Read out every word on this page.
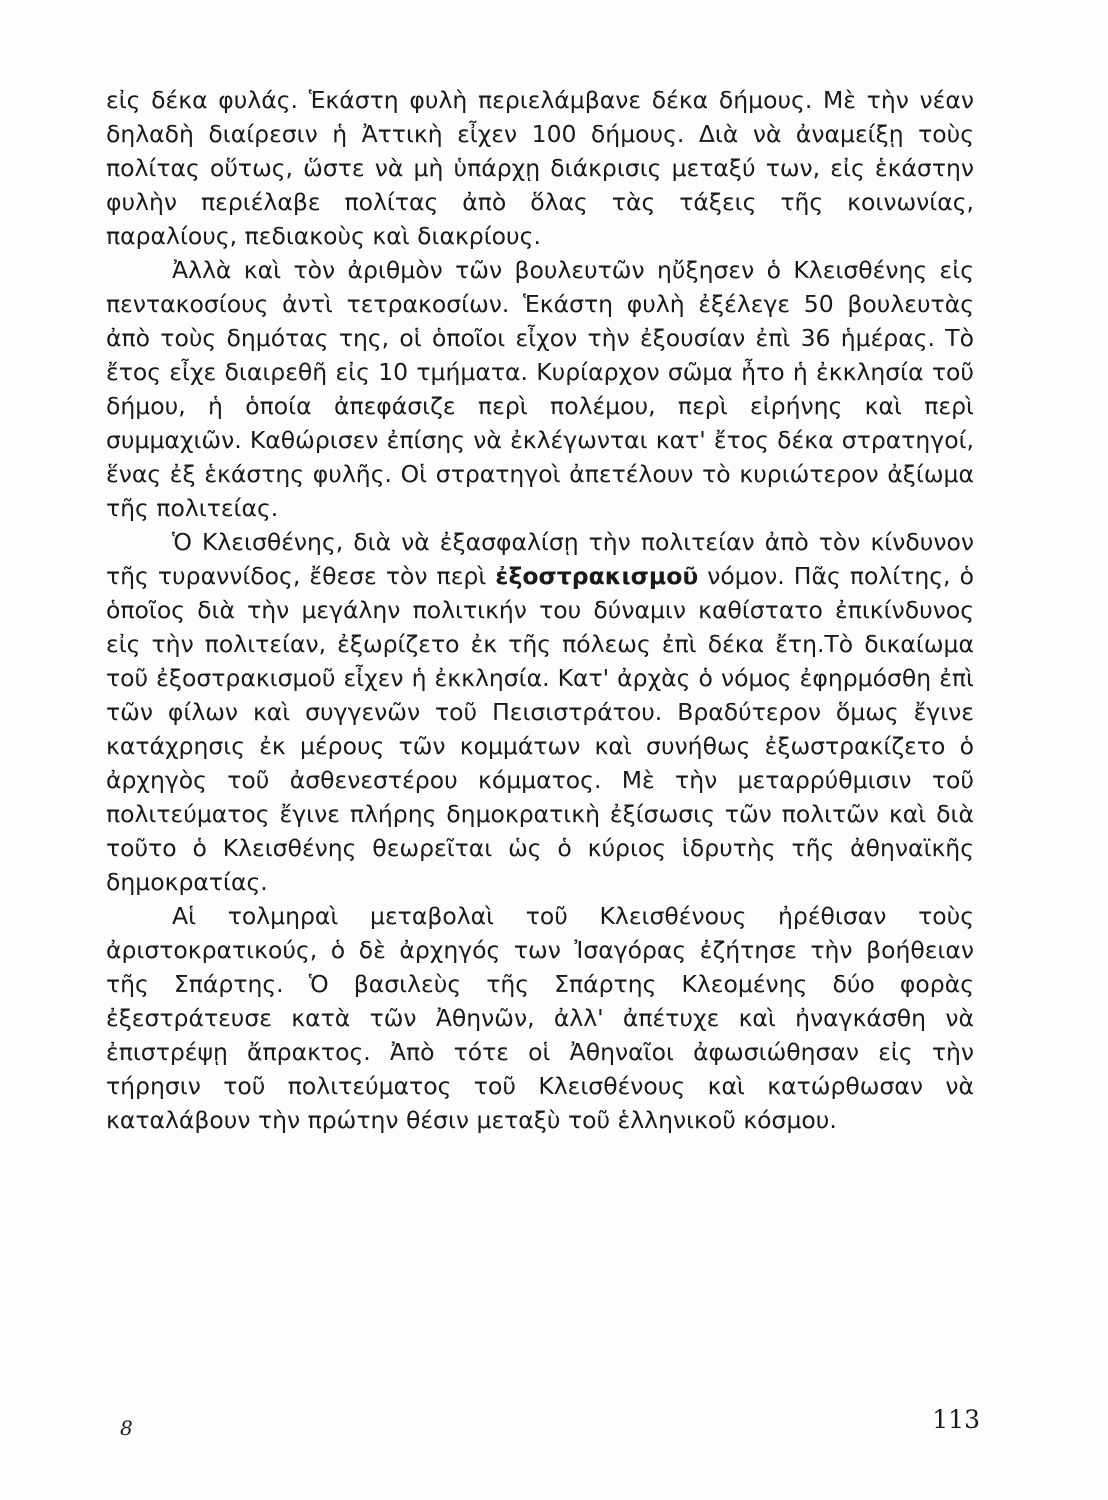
εἰς δέκα φυλάς. Ἑκάστη φυλὴ περιελάμβανε δέκα δήμους. Μὲ τὴν νέαν δηλαδὴ διαίρεσιν ἡ Ἀττικὴ εἶχεν 100 δήμους. Διὰ νὰ ἀναμείξῃ τοὺς πολίτας οὕτως, ὥστε νὰ μὴ ὑπάρχῃ διάκρισις μεταξύ των, εἰς ἑκάστην φυλὴν περιέλαβε πολίτας ἀπὸ ὅλας τὰς τάξεις τῆς κοινωνίας, παραλίους, πεδιακοὺς καὶ διακρίους.

Ἀλλὰ καὶ τὸν ἀριθμὸν τῶν βουλευτῶν ηὔξησεν ὁ Κλεισθένης εἰς πεντακοσίους ἀντὶ τετρακοσίων. Ἑκάστη φυλὴ ἐξέλεγε 50 βουλευτὰς ἀπὸ τοὺς δημότας της, οἱ ὁποῖοι εἶχον τὴν ἐξουσίαν ἐπὶ 36 ἡμέρας. Τὸ ἔτος εἶχε διαιρεθῆ εἰς 10 τμήματα. Κυρίαρχον σῶμα ἦτο ἡ ἐκκλησία τοῦ δήμου, ἡ ὁποία ἀπεφάσιζε περὶ πολέμου, περὶ εἰρήνης καὶ περὶ συμμαχιῶν. Καθώρισεν ἐπίσης νὰ ἐκλέγωνται κατ' ἔτος δέκα στρατηγοί, ἕνας ἐξ ἑκάστης φυλῆς. Οἱ στρατηγοὶ ἀπετέλουν τὸ κυριώτερον ἀξίωμα τῆς πολιτείας.

Ὁ Κλεισθένης, διὰ νὰ ἐξασφαλίσῃ τὴν πολιτείαν ἀπὸ τὸν κίνδυνον τῆς τυραννίδος, ἔθεσε τὸν περὶ ἐξοστρακισμοῦ νόμον. Πᾶς πολίτης, ὁ ὁποῖος διὰ τὴν μεγάλην πολιτικήν του δύναμιν καθίστατο ἐπικίνδυνος εἰς τὴν πολιτείαν, ἐξωρίζετο ἐκ τῆς πόλεως ἐπὶ δέκα ἔτη.Τὸ δικαίωμα τοῦ ἐξοστρακισμοῦ εἶχεν ἡ ἐκκλησία. Κατ' ἀρχὰς ὁ νόμος ἐφηρμόσθη ἐπὶ τῶν φίλων καὶ συγγενῶν τοῦ Πεισιστράτου. Βραδύτερον ὅμως ἔγινε κατάχρησις ἐκ μέρους τῶν κομμάτων καὶ συνήθως ἐξωστρακίζετο ὁ ἀρχηγὸς τοῦ ἀσθενεστέρου κόμματος. Μὲ τὴν μεταρρύθμισιν τοῦ πολιτεύματος ἔγινε πλήρης δημοκρατικὴ ἐξίσωσις τῶν πολιτῶν καὶ διὰ τοῦτο ὁ Κλεισθένης θεωρεῖται ὡς ὁ κύριος ἱδρυτὴς τῆς ἀθηναϊκῆς δημοκρατίας.

Αἱ τολμηραὶ μεταβολαὶ τοῦ Κλεισθένους ἠρέθισαν τοὺς ἀριστοκρατικούς, ὁ δὲ ἀρχηγός των Ἰσαγόρας ἐζήτησε τὴν βοήθειαν τῆς Σπάρτης. Ὁ βασιλεὺς τῆς Σπάρτης Κλεομένης δύο φορὰς ἐξεστράτευσε κατὰ τῶν Ἀθηνῶν, ἀλλ' ἀπέτυχε καὶ ἠναγκάσθη νὰ ἐπιστρέψῃ ἄπρακτος. Ἀπὸ τότε οἱ Ἀθηναῖοι ἀφωσιώθησαν εἰς τὴν τήρησιν τοῦ πολιτεύματος τοῦ Κλεισθένους καὶ κατώρθωσαν νὰ καταλάβουν τὴν πρώτην θέσιν μεταξὺ τοῦ ἑλληνικοῦ κόσμου.

8	113
